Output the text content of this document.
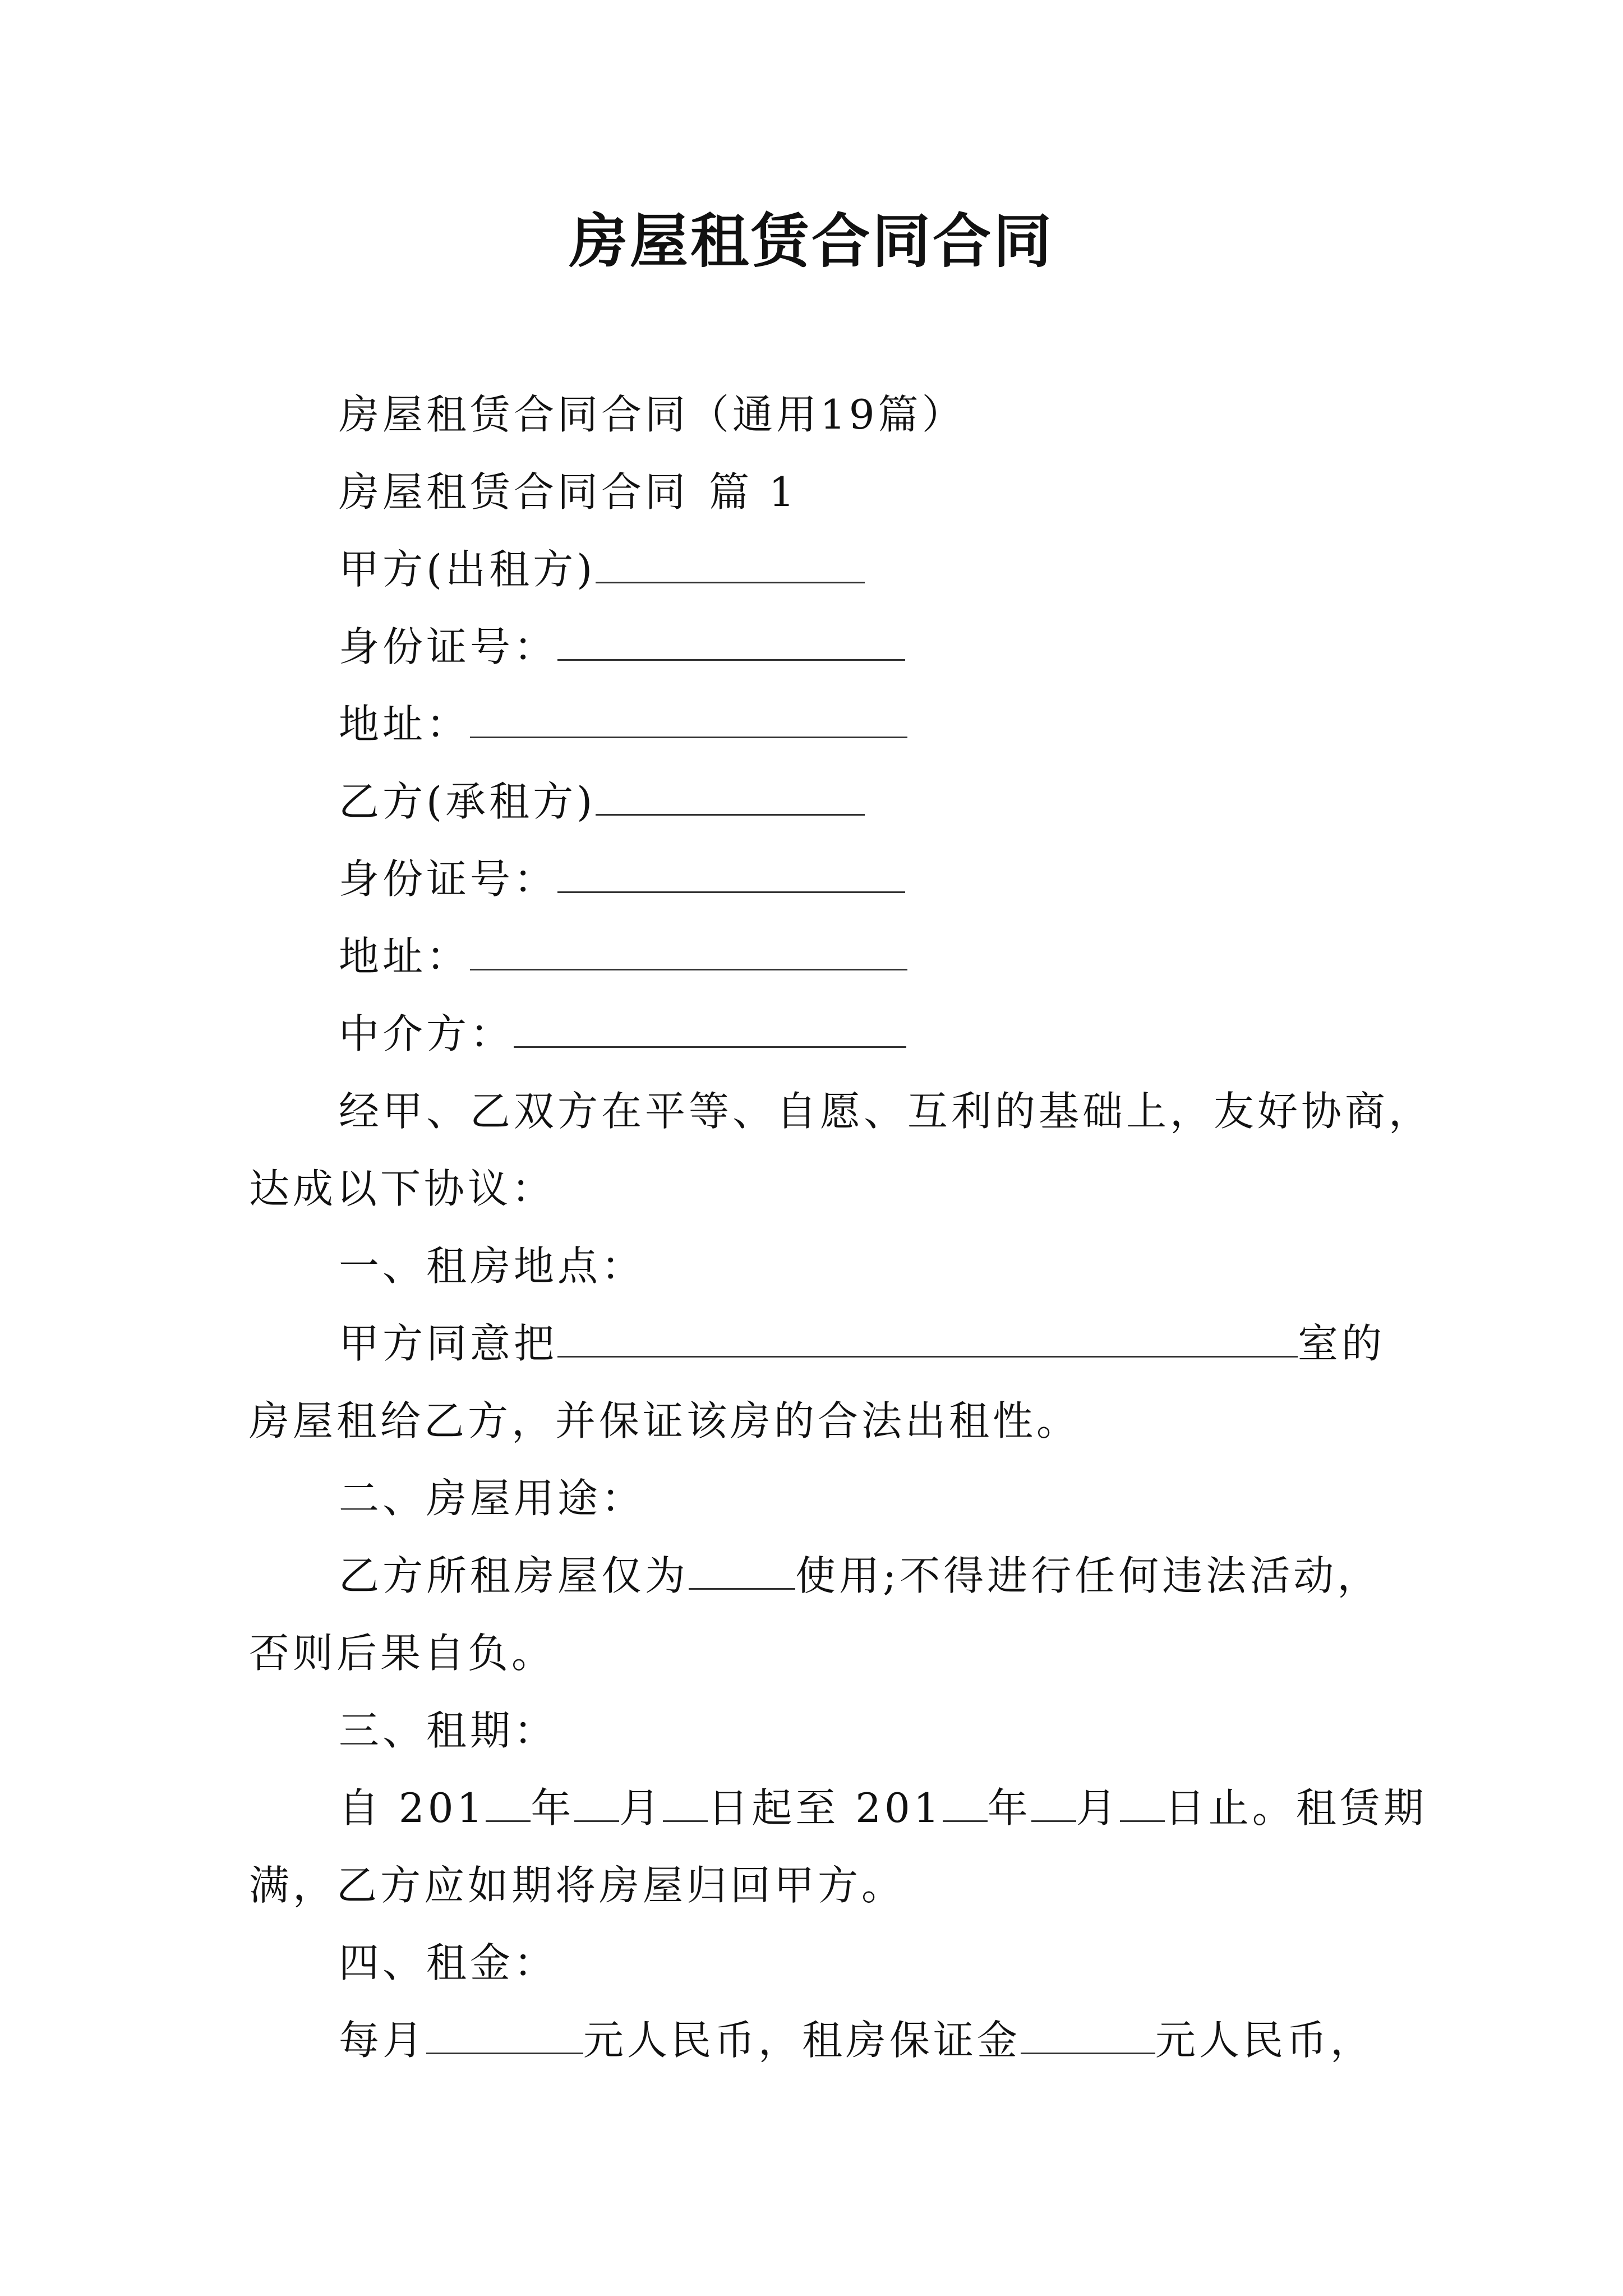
房屋租赁合同合同
房屋租赁合同合同（通用19篇）
房屋租赁合同合同 篇 1
甲方(出租方)
身份证号：
地址：
乙方(承租方)
身份证号：
地址：
中介方：
经甲、乙双方在平等、自愿、互利的基础上，友好协商，
达成以下协议：
一、租房地点：
甲方同意把	室的
房屋租给乙方，并保证该房的合法出租性。
二、房屋用途：
乙方所租房屋仅为	使用;不得进行任何违法活动，
否则后果自负。
三、租期：
自 201 年 月 日起至 201 年 月 日止。租赁期
满，乙方应如期将房屋归回甲方。
四、租金：
每月	元人民币，租房保证金	元人民币，
